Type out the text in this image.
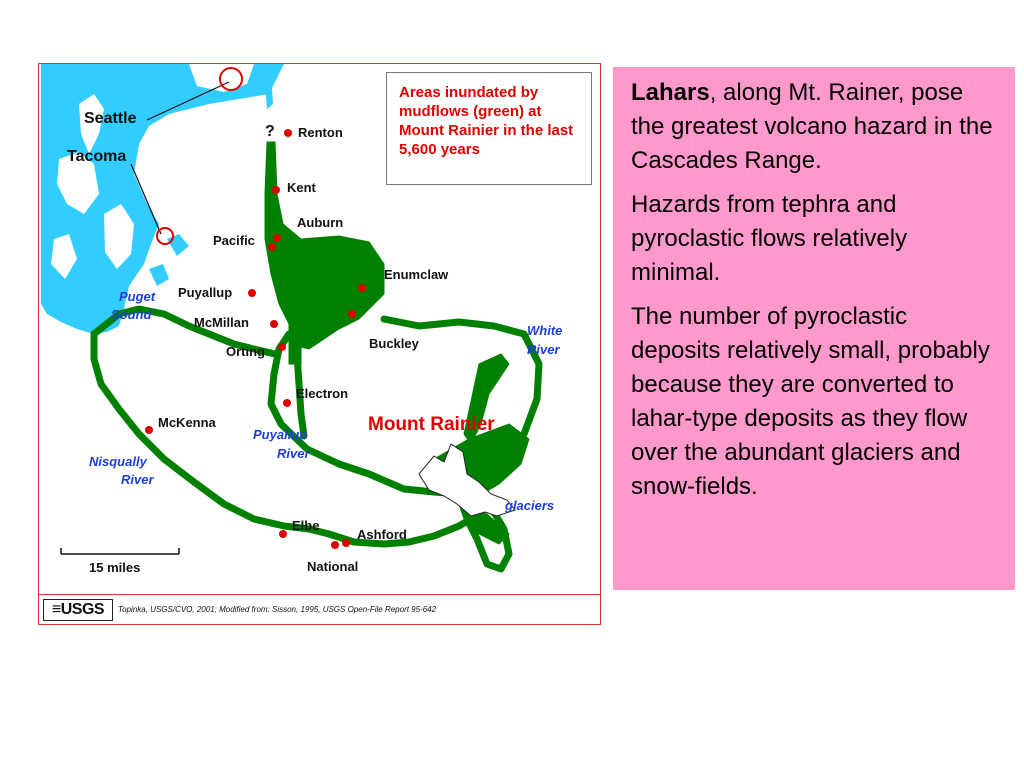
Seattle
Tacoma
? Renton
Kent
Auburn
Pacific
Enumclaw
Puyallup
McMillan
Orting
Buckley
Electron
McKenna
Elbe
Ashford
National
Puget
Sound
White
River
Puyallup
River
Nisqually
River
glaciers
Areas inundated by mudflows (green) at Mount Rainier in the last 5,600 years
Mount Rainier
15 miles
≡USGS	Topinka, USGS/CVO, 2001; Modified from: Sisson, 1995, USGS Open-File Report 95-642

Lahars, along Mt. Rainer, pose the greatest volcano hazard in the Cascades Range.

Hazards from tephra and pyroclastic flows relatively minimal.

The number of pyroclastic deposits relatively small, probably because they are converted to lahar-type deposits as they flow over the abundant glaciers and snow-fields.
